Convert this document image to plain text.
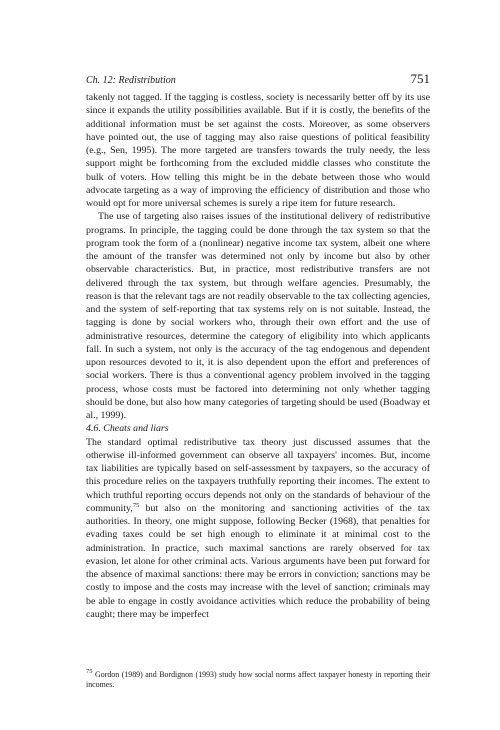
Ch. 12: Redistribution	751

takenly not tagged. If the tagging is costless, society is necessarily better off by its use since it expands the utility possibilities available. But if it is costly, the benefits of the additional information must be set against the costs. Moreover, as some observers have pointed out, the use of tagging may also raise questions of political feasibility (e.g., Sen, 1995). The more targeted are transfers towards the truly needy, the less support might be forthcoming from the excluded middle classes who constitute the bulk of voters. How telling this might be in the debate between those who would advocate targeting as a way of improving the efficiency of distribution and those who would opt for more universal schemes is surely a ripe item for future research.

The use of targeting also raises issues of the institutional delivery of redistributive programs. In principle, the tagging could be done through the tax system so that the program took the form of a (nonlinear) negative income tax system, albeit one where the amount of the transfer was determined not only by income but also by other observable characteristics. But, in practice, most redistributive transfers are not delivered through the tax system, but through welfare agencies. Presumably, the reason is that the relevant tags are not readily observable to the tax collecting agencies, and the system of self-reporting that tax systems rely on is not suitable. Instead, the tagging is done by social workers who, through their own effort and the use of administrative resources, determine the category of eligibility into which applicants fall. In such a system, not only is the accuracy of the tag endogenous and dependent upon resources devoted to it, it is also dependent upon the effort and preferences of social workers. There is thus a conventional agency problem involved in the tagging process, whose costs must be factored into determining not only whether tagging should be done, but also how many categories of targeting should be used (Boadway et al., 1999).

4.6. Cheats and liars

The standard optimal redistributive tax theory just discussed assumes that the otherwise ill-informed government can observe all taxpayers' incomes. But, income tax liabilities are typically based on self-assessment by taxpayers, so the accuracy of this procedure relies on the taxpayers truthfully reporting their incomes. The extent to which truthful reporting occurs depends not only on the standards of behaviour of the community,$^{75}$ but also on the monitoring and sanctioning activities of the tax authorities. In theory, one might suppose, following Becker (1968), that penalties for evading taxes could be set high enough to eliminate it at minimal cost to the administration. In practice, such maximal sanctions are rarely observed for tax evasion, let alone for other criminal acts. Various arguments have been put forward for the absence of maximal sanctions: there may be errors in conviction; sanctions may be costly to impose and the costs may increase with the level of sanction; criminals may be able to engage in costly avoidance activities which reduce the probability of being caught; there may be imperfect

$^{75}$ Gordon (1989) and Bordignon (1993) study how social norms affect taxpayer honesty in reporting their incomes.
